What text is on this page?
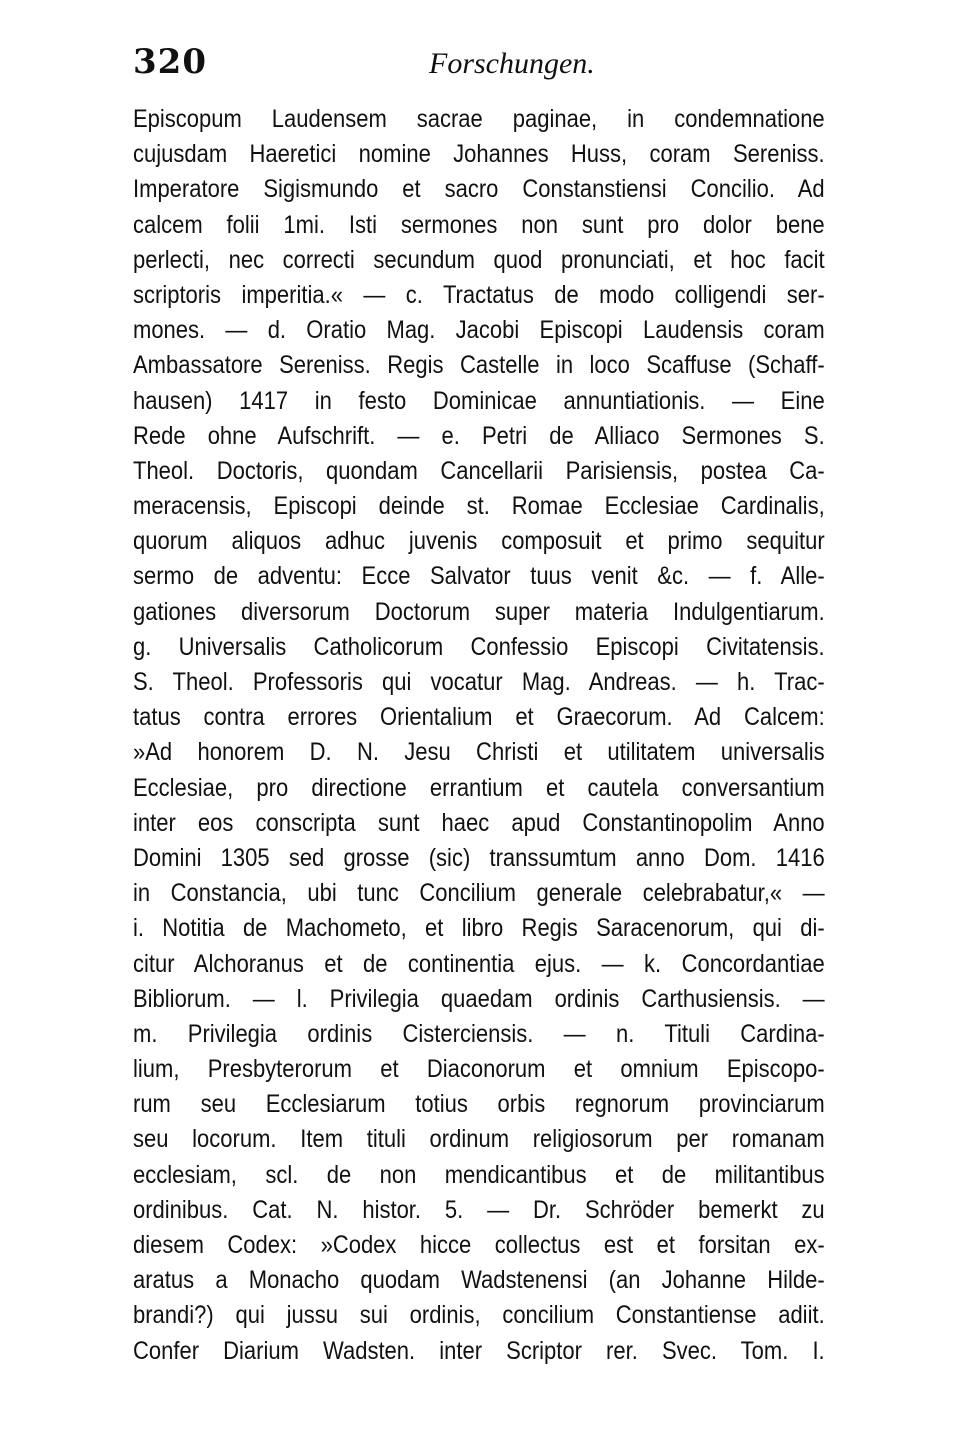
320	Forschungen.
Episcopum Laudensem sacrae paginae, in condemnatione
cujusdam Haeretici nomine Johannes Huss, coram Sereniss.
Imperatore Sigismundo et sacro Constanstiensi Concilio. Ad
calcem folii 1mi. Isti sermones non sunt pro dolor bene
perlecti, nec correcti secundum quod pronunciati, et hoc facit
scriptoris imperitia.« — c. Tractatus de modo colligendi ser-
mones. — d. Oratio Mag. Jacobi Episcopi Laudensis coram
Ambassatore Sereniss. Regis Castelle in loco Scaffuse (Schaff-
hausen) 1417 in festo Dominicae annuntiationis. — Eine
Rede ohne Aufschrift. — e. Petri de Alliaco Sermones S.
Theol. Doctoris, quondam Cancellarii Parisiensis, postea Ca-
meracensis, Episcopi deinde st. Romae Ecclesiae Cardinalis,
quorum aliquos adhuc juvenis composuit et primo sequitur
sermo de adventu: Ecce Salvator tuus venit &c. — f. Alle-
gationes diversorum Doctorum super materia Indulgentiarum.
g. Universalis Catholicorum Confessio Episcopi Civitatensis.
S. Theol. Professoris qui vocatur Mag. Andreas. — h. Trac-
tatus contra errores Orientalium et Graecorum. Ad Calcem:
»Ad honorem D. N. Jesu Christi et utilitatem universalis
Ecclesiae, pro directione errantium et cautela conversantium
inter eos conscripta sunt haec apud Constantinopolim Anno
Domini 1305 sed grosse (sic) transsumtum anno Dom. 1416
in Constancia, ubi tunc Concilium generale celebrabatur,« —
i. Notitia de Machometo, et libro Regis Saracenorum, qui di-
citur Alchoranus et de continentia ejus. — k. Concordantiae
Bibliorum. — l. Privilegia quaedam ordinis Carthusiensis. —
m. Privilegia ordinis Cisterciensis. — n. Tituli Cardina-
lium, Presbyterorum et Diaconorum et omnium Episcopo-
rum seu Ecclesiarum totius orbis regnorum provinciarum
seu locorum. Item tituli ordinum religiosorum per romanam
ecclesiam, scl. de non mendicantibus et de militantibus
ordinibus. Cat. N. histor. 5. — Dr. Schröder bemerkt zu
diesem Codex: »Codex hicce collectus est et forsitan ex-
aratus a Monacho quodam Wadstenensi (an Johanne Hilde-
brandi?) qui jussu sui ordinis, concilium Constantiense adiit.
Confer Diarium Wadsten. inter Scriptor rer. Svec. Tom. I.
